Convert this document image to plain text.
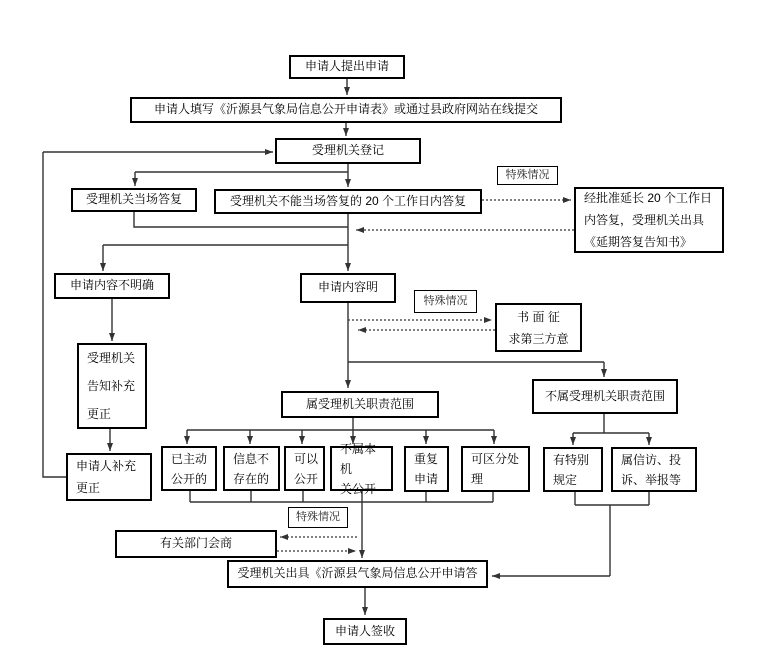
申请人提出申请
申请人填写《沂源县气象局信息公开申请表》或通过县政府网站在线提交
受理机关登记
受理机关当场答复	受理机关不能当场答复的 20 个工作日内答复
特殊情况
经批准延长 20 个工作日
内答复，受理机关出具
《延期答复告知书》
申请内容不明确	申请内容明
特殊情况
书 面 征
求第三方意
受理机关
告知补充
更正
申请人补充
更正
属受理机关职责范围
不属受理机关职责范围
已主动
公开的
信息不
存在的
可以
公开
不属本机
关公开
重复
申请
可区分处
理
有特别
规定
属信访、投
诉、举报等
特殊情况
有关部门会商
受理机关出具《沂源县气象局信息公开申请答
申请人签收
